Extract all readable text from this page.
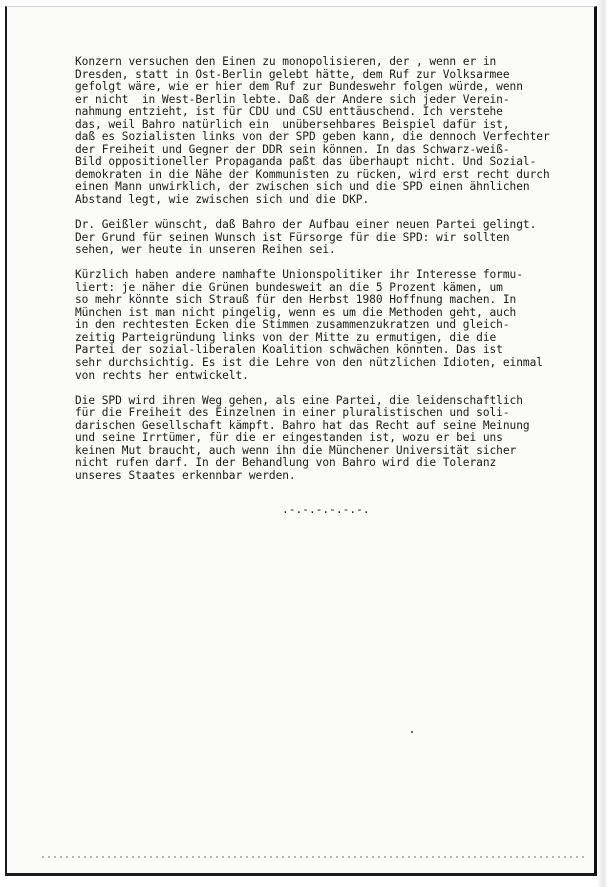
Konzern versuchen den Einen zu monopolisieren, der , wenn er in
Dresden, statt in Ost-Berlin gelebt hätte, dem Ruf zur Volksarmee
gefolgt wäre, wie er hier dem Ruf zur Bundeswehr folgen würde, wenn
er nicht  in West-Berlin lebte. Daß der Andere sich jeder Verein-
nahmung entzieht, ist für CDU und CSU enttäuschend. Ich verstehe
das, weil Bahro natürlich ein  unübersehbares Beispiel dafür ist,
daß es Sozialisten links von der SPD geben kann, die dennoch Verfechter
der Freiheit und Gegner der DDR sein können. In das Schwarz-weiß-
Bild oppositioneller Propaganda paßt das überhaupt nicht. Und Sozial-
demokraten in die Nähe der Kommunisten zu rücken, wird erst recht durch
einen Mann unwirklich, der zwischen sich und die SPD einen ähnlichen
Abstand legt, wie zwischen sich und die DKP.

Dr. Geißler wünscht, daß Bahro der Aufbau einer neuen Partei gelingt.
Der Grund für seinen Wunsch ist Fürsorge für die SPD: wir sollten
sehen, wer heute in unseren Reihen sei.

Kürzlich haben andere namhafte Unionspolitiker ihr Interesse formu-
liert: je näher die Grünen bundesweit an die 5 Prozent kämen, um
so mehr könnte sich Strauß für den Herbst 1980 Hoffnung machen. In
München ist man nicht pingelig, wenn es um die Methoden geht, auch
in den rechtesten Ecken die Stimmen zusammenzukratzen und gleich-
zeitig Parteigründung links von der Mitte zu ermutigen, die die
Partei der sozial-liberalen Koalition schwächen könnten. Das ist
sehr durchsichtig. Es ist die Lehre von den nützlichen Idioten, einmal
von rechts her entwickelt.

Die SPD wird ihren Weg gehen, als eine Partei, die leidenschaftlich
für die Freiheit des Einzelnen in einer pluralistischen und soli-
darischen Gesellschaft kämpft. Bahro hat das Recht auf seine Meinung
und seine Irrtümer, für die er eingestanden ist, wozu er bei uns
keinen Mut braucht, auch wenn ihn die Münchener Universität sicher
nicht rufen darf. In der Behandlung von Bahro wird die Toleranz
unseres Staates erkennbar werden.

.-.-.-.-.-.-.
